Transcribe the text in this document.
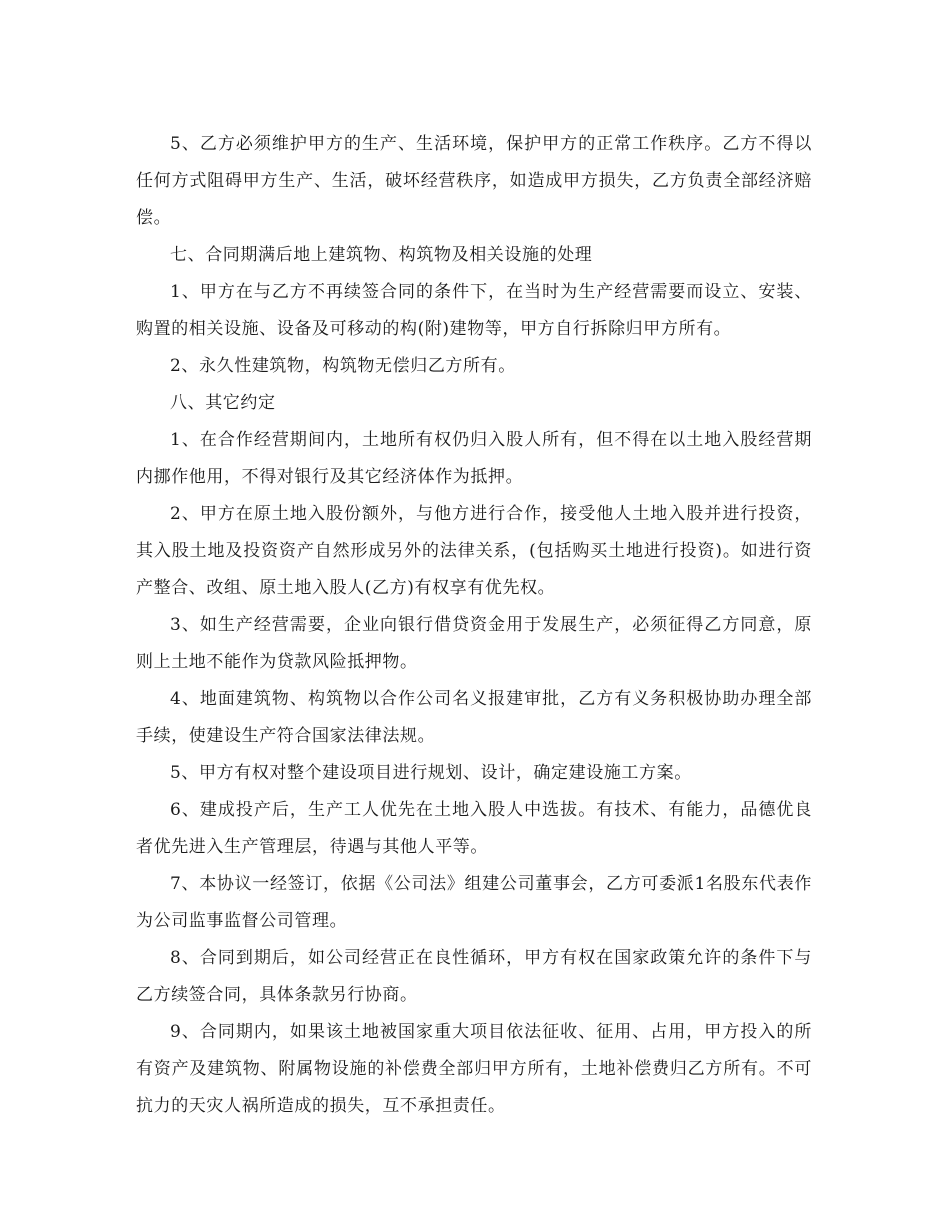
5、乙方必须维护甲方的生产、生活环境，保护甲方的正常工作秩序。乙方不得以任何方式阻碍甲方生产、生活，破坏经营秩序，如造成甲方损失，乙方负责全部经济赔偿。

七、合同期满后地上建筑物、构筑物及相关设施的处理

1、甲方在与乙方不再续签合同的条件下，在当时为生产经营需要而设立、安装、购置的相关设施、设备及可移动的构(附)建物等，甲方自行拆除归甲方所有。

2、永久性建筑物，构筑物无偿归乙方所有。

八、其它约定

1、在合作经营期间内，土地所有权仍归入股人所有，但不得在以土地入股经营期内挪作他用，不得对银行及其它经济体作为抵押。

2、甲方在原土地入股份额外，与他方进行合作，接受他人土地入股并进行投资，其入股土地及投资资产自然形成另外的法律关系，(包括购买土地进行投资)。如进行资产整合、改组、原土地入股人(乙方)有权享有优先权。

3、如生产经营需要，企业向银行借贷资金用于发展生产，必须征得乙方同意，原则上土地不能作为贷款风险抵押物。

4、地面建筑物、构筑物以合作公司名义报建审批，乙方有义务积极协助办理全部手续，使建设生产符合国家法律法规。

5、甲方有权对整个建设项目进行规划、设计，确定建设施工方案。

6、建成投产后，生产工人优先在土地入股人中选拔。有技术、有能力，品德优良者优先进入生产管理层，待遇与其他人平等。

7、本协议一经签订，依据《公司法》组建公司董事会，乙方可委派1名股东代表作为公司监事监督公司管理。

8、合同到期后，如公司经营正在良性循环，甲方有权在国家政策允许的条件下与乙方续签合同，具体条款另行协商。

9、合同期内，如果该土地被国家重大项目依法征收、征用、占用，甲方投入的所有资产及建筑物、附属物设施的补偿费全部归甲方所有，土地补偿费归乙方所有。不可抗力的天灾人祸所造成的损失，互不承担责任。
